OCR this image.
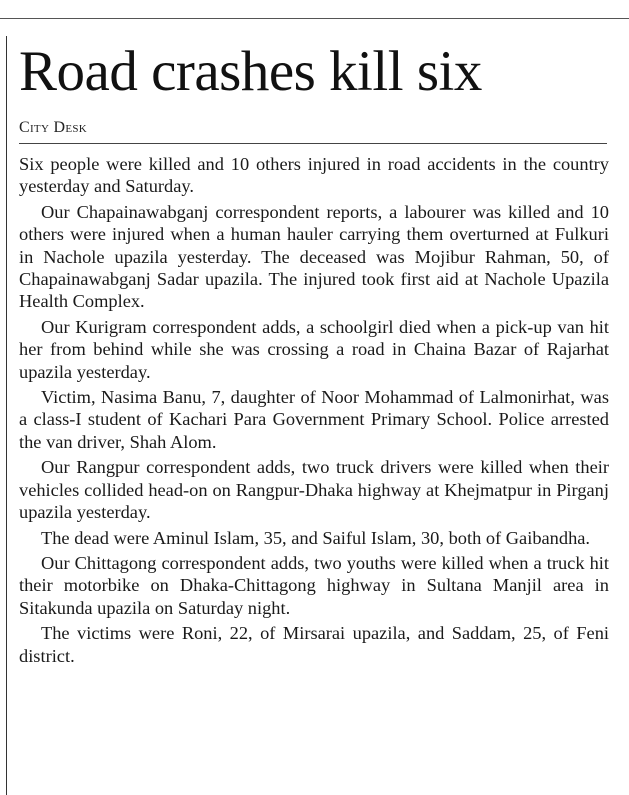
Road crashes kill six
City Desk

Six people were killed and 10 others injured in road accidents in the country yesterday and Saturday.

Our Chapainawabganj correspondent reports, a labourer was killed and 10 others were injured when a human hauler carrying them overturned at Fulkuri in Nachole upazila yesterday. The deceased was Mojibur Rahman, 50, of Chapainawabganj Sadar upazila. The injured took first aid at Nachole Upazila Health Complex.

Our Kurigram correspondent adds, a schoolgirl died when a pick-up van hit her from behind while she was crossing a road in Chaina Bazar of Rajarhat upazila yesterday.

Victim, Nasima Banu, 7, daughter of Noor Mohammad of Lalmonirhat, was a class-I student of Kachari Para Government Primary School. Police arrested the van driver, Shah Alom.

Our Rangpur correspondent adds, two truck drivers were killed when their vehicles collided head-on on Rangpur-Dhaka highway at Khejmatpur in Pirganj upazila yesterday.

The dead were Aminul Islam, 35, and Saiful Islam, 30, both of Gaibandha.

Our Chittagong correspondent adds, two youths were killed when a truck hit their motorbike on Dhaka-Chittagong highway in Sultana Manjil area in Sitakunda upazila on Saturday night.

The victims were Roni, 22, of Mirsarai upazila, and Saddam, 25, of Feni district.
